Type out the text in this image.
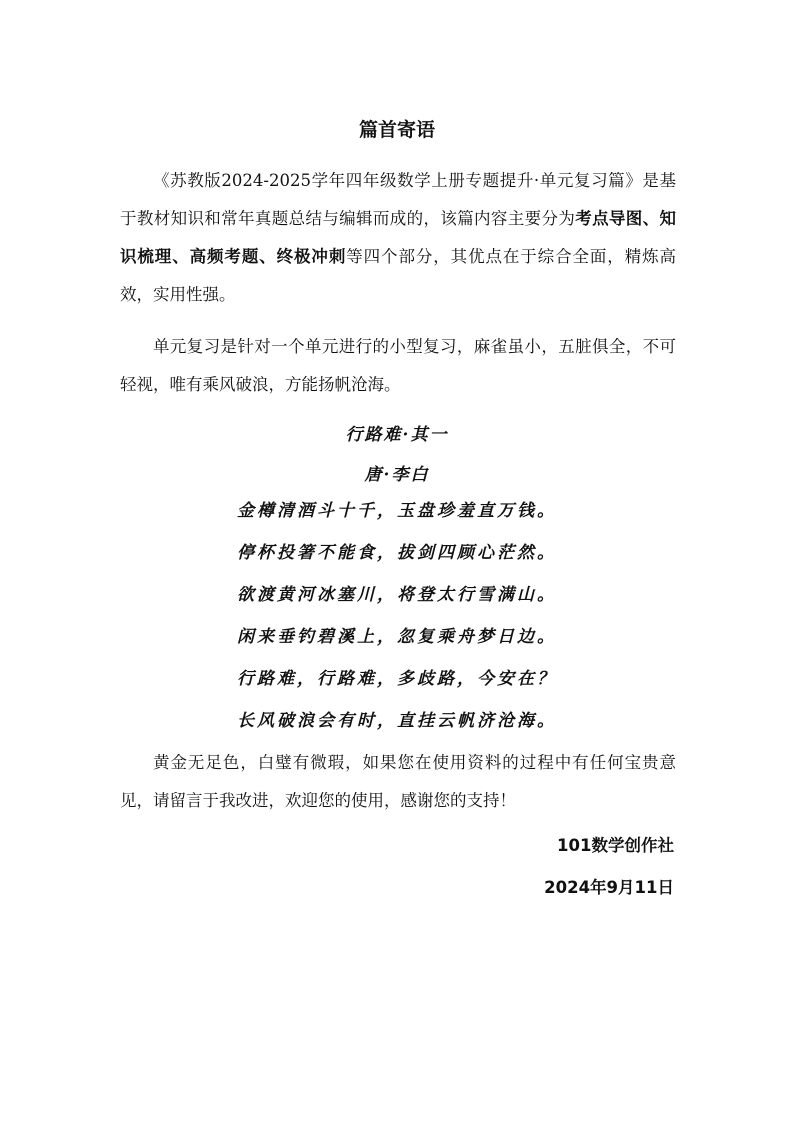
篇首寄语

《苏教版2024-2025学年四年级数学上册专题提升·单元复习篇》是基于教材知识和常年真题总结与编辑而成的，该篇内容主要分为考点导图、知识梳理、高频考题、终极冲刺等四个部分，其优点在于综合全面，精炼高效，实用性强。

单元复习是针对一个单元进行的小型复习，麻雀虽小，五脏俱全，不可轻视，唯有乘风破浪，方能扬帆沧海。

行路难·其一
唐·李白
金樽清酒斗十千，玉盘珍羞直万钱。
停杯投箸不能食，拔剑四顾心茫然。
欲渡黄河冰塞川，将登太行雪满山。
闲来垂钓碧溪上，忽复乘舟梦日边。
行路难，行路难，多歧路，今安在？
长风破浪会有时，直挂云帆济沧海。

黄金无足色，白璧有微瑕，如果您在使用资料的过程中有任何宝贵意见，请留言于我改进，欢迎您的使用，感谢您的支持！

101数学创作社
2024年9月11日
